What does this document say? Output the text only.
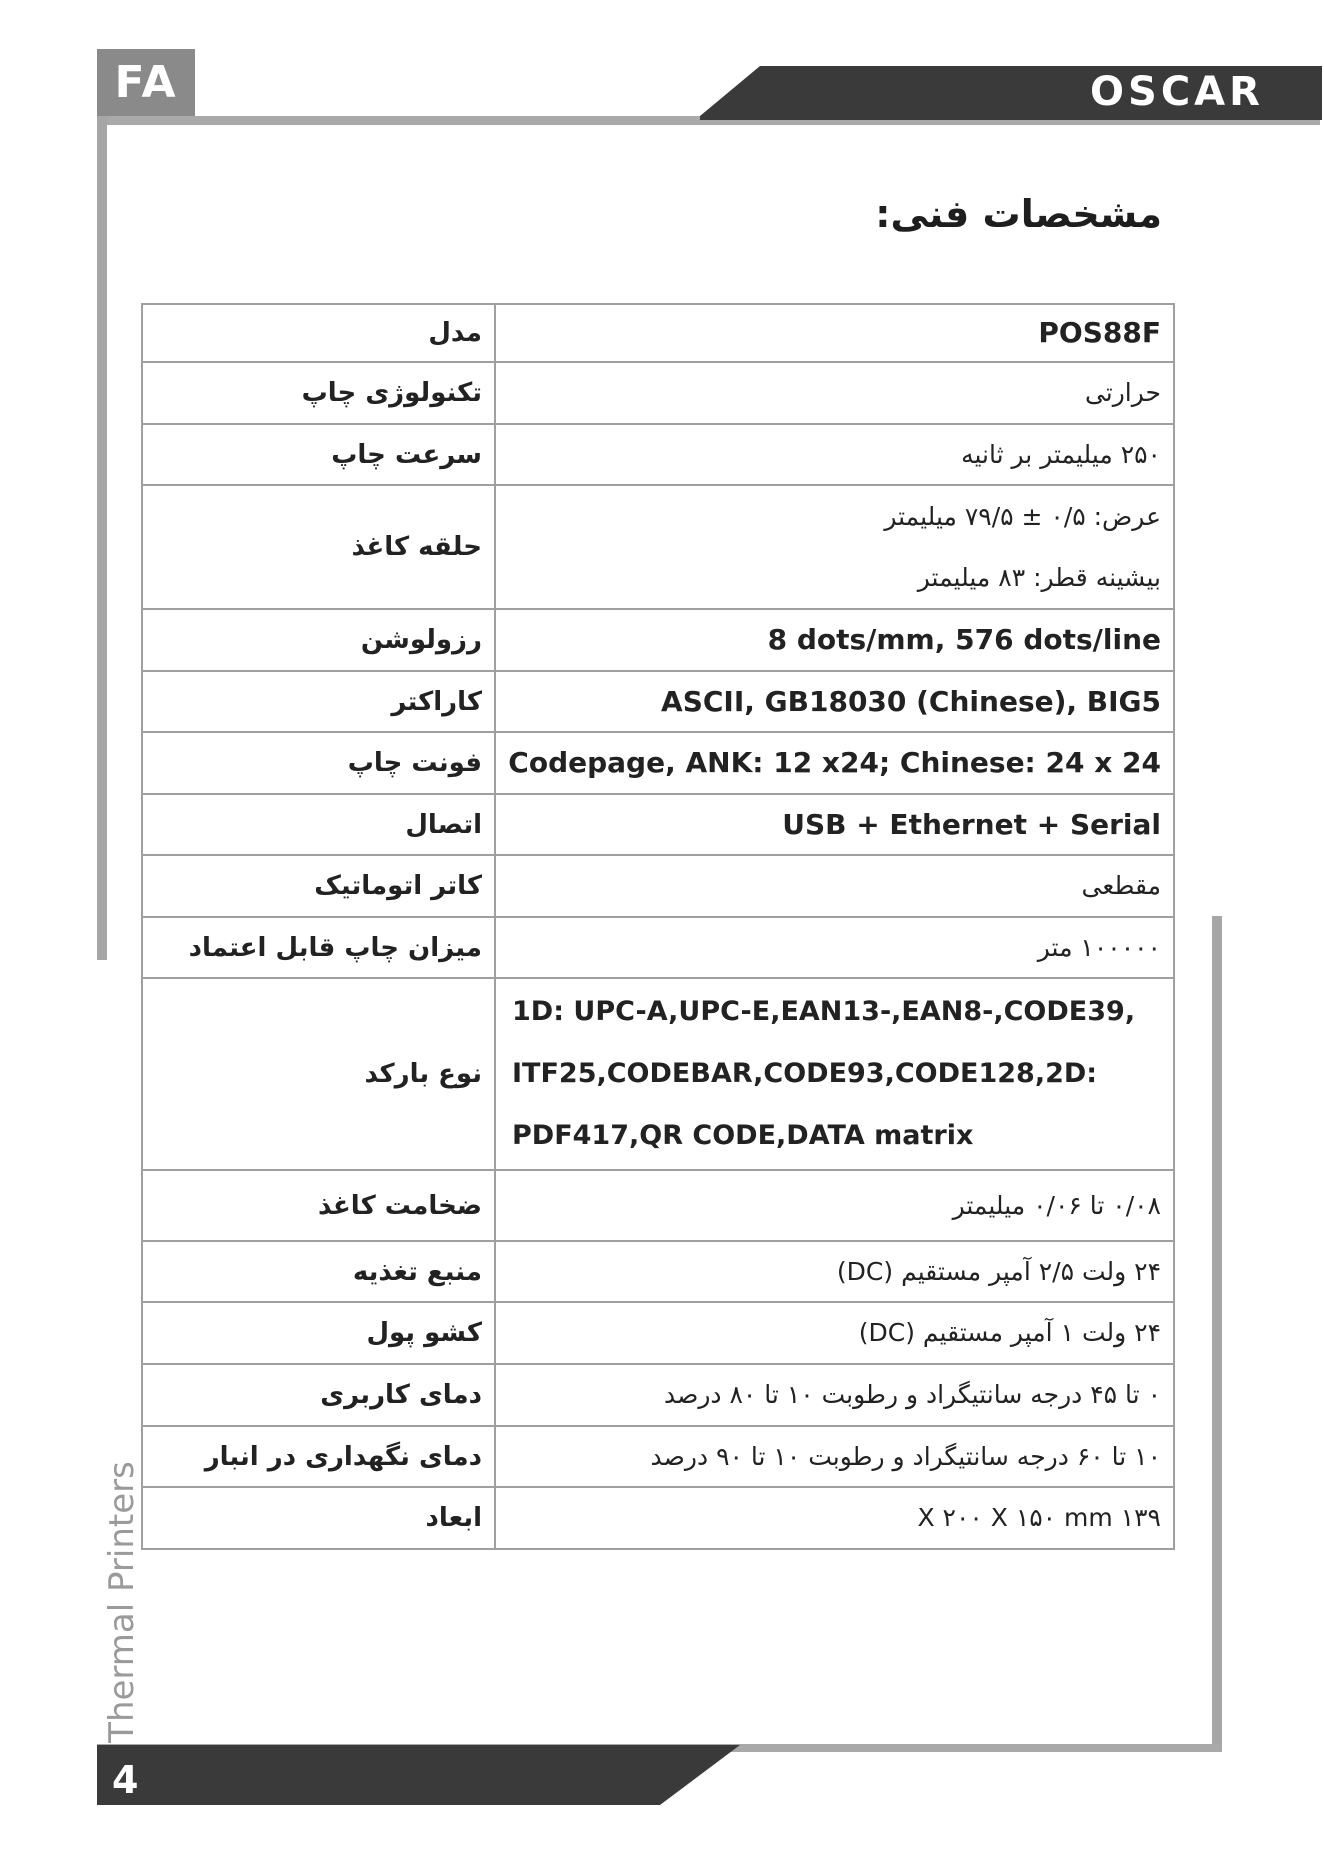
FA	OSCAR
مشخصات فنی:
مدل	POS88F
تکنولوژی چاپ	حرارتی
سرعت چاپ	۲۵۰ میلیمتر بر ثانیه
حلقه کاغذ	عرض: ۰/۵ ± ۷۹/۵ میلیمتر
بیشینه قطر: ۸۳ میلیمتر

رزولوشن	8 dots/mm, 576 dots/line
کاراکتر	ASCII, GB18030 (Chinese), BIG5
فونت چاپ	Codepage, ANK: 12 x24; Chinese: 24 x 24
اتصال	USB + Ethernet + Serial
کاتر اتوماتیک	مقطعی
میزان چاپ قابل اعتماد	۱۰۰۰۰۰ متر
نوع بارکد	1D: UPC-A,UPC-E,EAN13-,EAN8-,CODE39,
ITF25,CODEBAR,CODE93,CODE128,2D:
PDF417,QR CODE,DATA matrix

ضخامت کاغذ	۰/۰۸ تا ۰/۰۶ میلیمتر
منبع تغذیه	۲۴ ولت ۲/۵ آمپر مستقیم (DC)
کشو پول	۲۴ ولت ۱ آمپر مستقیم (DC)
دمای کاربری	۰ تا ۴۵ درجه سانتیگراد و رطوبت ۱۰ تا ۸۰ درصد
دمای نگهداری در انبار	۱۰ تا ۶۰ درجه سانتیگراد و رطوبت ۱۰ تا ۹۰ درصد
ابعاد	۱۳۹ X ۲۰۰ X ۱۵۰ mm
Thermal Printers
4
